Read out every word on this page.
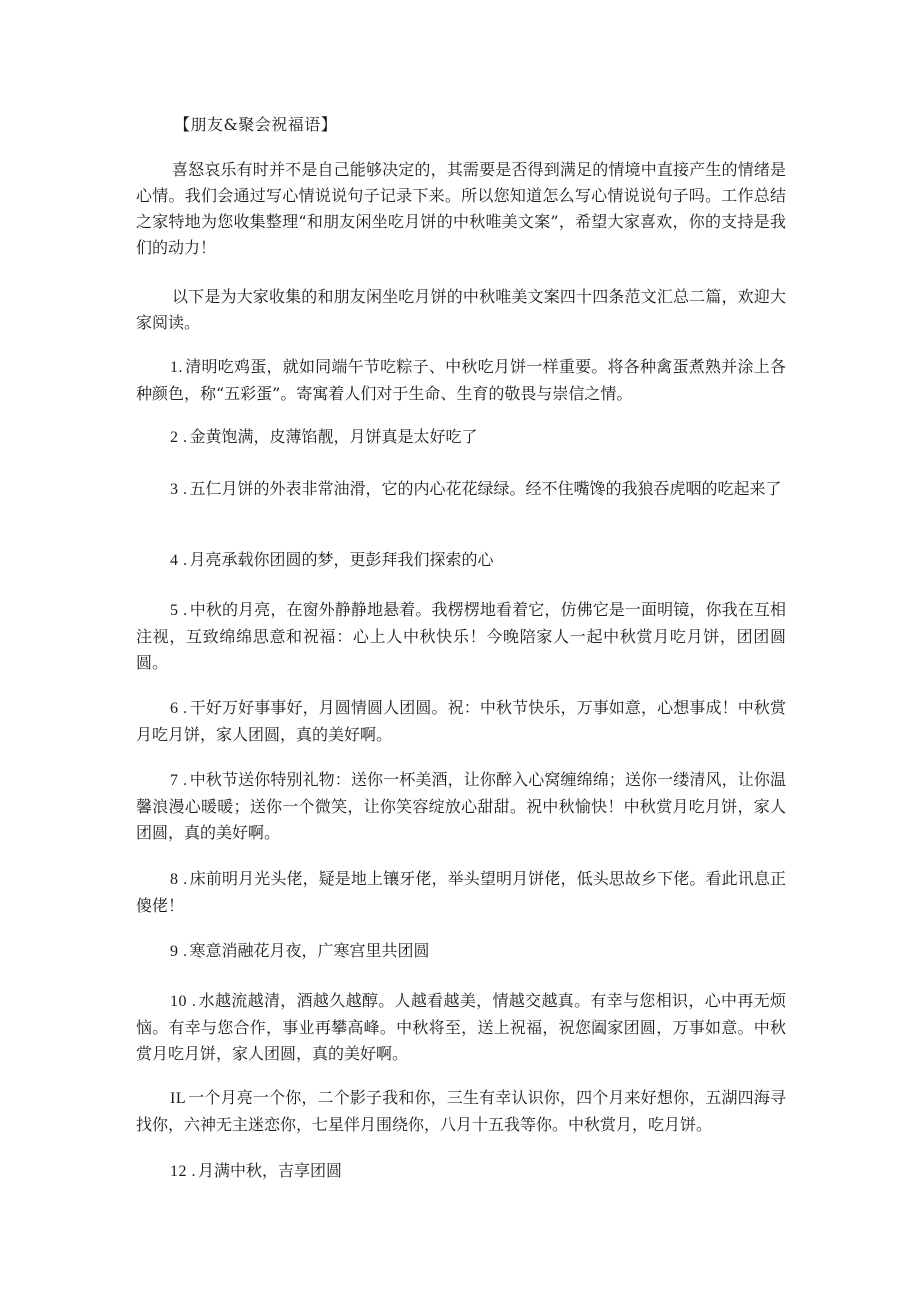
【朋友&聚会祝福语】

喜怒哀乐有时并不是自己能够决定的，其需要是否得到满足的情境中直接产生的情绪是心情。我们会通过写心情说说句子记录下来。所以您知道怎么写心情说说句子吗。工作总结之家特地为您收集整理“和朋友闲坐吃月饼的中秋唯美文案”，希望大家喜欢，你的支持是我们的动力！

以下是为大家收集的和朋友闲坐吃月饼的中秋唯美文案四十四条范文汇总二篇，欢迎大家阅读。

1. 清明吃鸡蛋，就如同端午节吃粽子、中秋吃月饼一样重要。将各种禽蛋煮熟并涂上各种颜色，称“五彩蛋”。寄寓着人们对于生命、生育的敬畏与崇信之情。

2 . 金黄饱满，皮薄馅靓，月饼真是太好吃了

3 . 五仁月饼的外表非常油滑，它的内心花花绿绿。经不住嘴馋的我狼吞虎咽的吃起来了

4 . 月亮承载你团圆的梦，更彭拜我们探索的心

5 . 中秋的月亮，在窗外静静地悬着。我楞楞地看着它，仿佛它是一面明镜，你我在互相注视，互致绵绵思意和祝福：心上人中秋快乐！今晚陪家人一起中秋赏月吃月饼，团团圆圆。

6 . 干好万好事事好，月圆情圆人团圆。祝：中秋节快乐，万事如意，心想事成！中秋赏月吃月饼，家人团圆，真的美好啊。

7 . 中秋节送你特别礼物：送你一杯美酒，让你醉入心窝缠绵绵；送你一缕清风，让你温馨浪漫心暖暖；送你一个微笑，让你笑容绽放心甜甜。祝中秋愉快！中秋赏月吃月饼，家人团圆，真的美好啊。

8 . 床前明月光头佬，疑是地上镶牙佬，举头望明月饼佬，低头思故乡下佬。看此讯息正傻佬！

9 . 寒意消融花月夜，广寒宫里共团圆

10 . 水越流越清，酒越久越醇。人越看越美，情越交越真。有幸与您相识，心中再无烦恼。有幸与您合作，事业再攀高峰。中秋将至，送上祝福，祝您阖家团圆，万事如意。中秋赏月吃月饼，家人团圆，真的美好啊。

IL 一个月亮一个你，二个影子我和你，三生有幸认识你，四个月来好想你，五湖四海寻找你，六神无主迷恋你，七星伴月围绕你，八月十五我等你。中秋赏月，吃月饼。

12 . 月满中秋，吉享团圆
